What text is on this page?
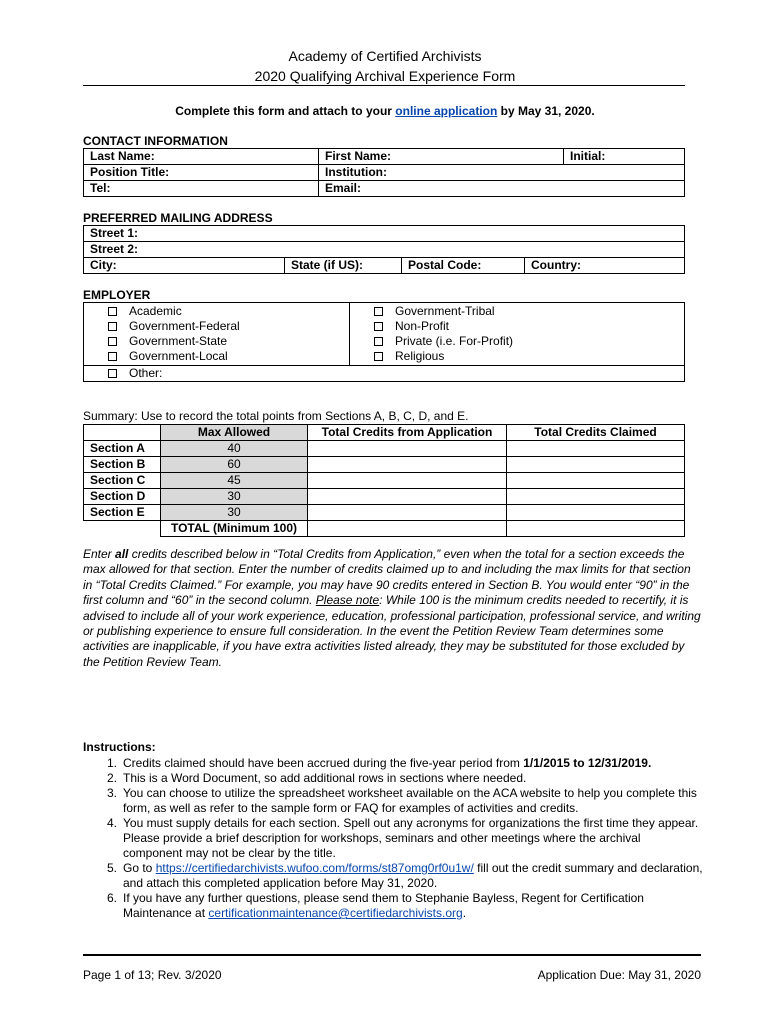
Academy of Certified Archivists
2020 Qualifying Archival Experience Form
Complete this form and attach to your online application by May 31, 2020.
CONTACT INFORMATION
Last Name:	First Name:	Initial:
Position Title:	Institution:	
Tel:	Email:	
PREFERRED MAILING ADDRESS
Street 1:
Street 2:
City:	State (if US):	Postal Code:	Country:
EMPLOYER
Academic
Government-Federal
Government-State
Government-Local

Government-Tribal
Non-Profit
Private (i.e. For-Profit)
Religious

Other:
Summary: Use to record the total points from Sections A, B, C, D, and E.
	Max Allowed	Total Credits from Application	Total Credits Claimed
Section A	40		
Section B	60		
Section C	45		
Section D	30		
Section E	30		
	TOTAL (Minimum 100)		
Enter all credits described below in “Total Credits from Application,” even when the total for a section exceeds the max allowed for that section. Enter the number of credits claimed up to and including the max limits for that section in “Total Credits Claimed.” For example, you may have 90 credits entered in Section B. You would enter “90” in the first column and “60” in the second column. Please note: While 100 is the minimum credits needed to recertify, it is advised to include all of your work experience, education, professional participation, professional service, and writing or publishing experience to ensure full consideration. In the event the Petition Review Team determines some activities are inapplicable, if you have extra activities listed already, they may be substituted for those excluded by the Petition Review Team.
Instructions:
1. Credits claimed should have been accrued during the five-year period from 1/1/2015 to 12/31/2019.
2. This is a Word Document, so add additional rows in sections where needed.
3. You can choose to utilize the spreadsheet worksheet available on the ACA website to help you complete this form, as well as refer to the sample form or FAQ for examples of activities and credits.
4. You must supply details for each section. Spell out any acronyms for organizations the first time they appear. Please provide a brief description for workshops, seminars and other meetings where the archival component may not be clear by the title.
5. Go to https://certifiedarchivists.wufoo.com/forms/st87omg0rf0u1w/ fill out the credit summary and declaration, and attach this completed application before May 31, 2020.
6. If you have any further questions, please send them to Stephanie Bayless, Regent for Certification Maintenance at certificationmaintenance@certifiedarchivists.org.
Page 1 of 13; Rev. 3/2020	Application Due: May 31, 2020
